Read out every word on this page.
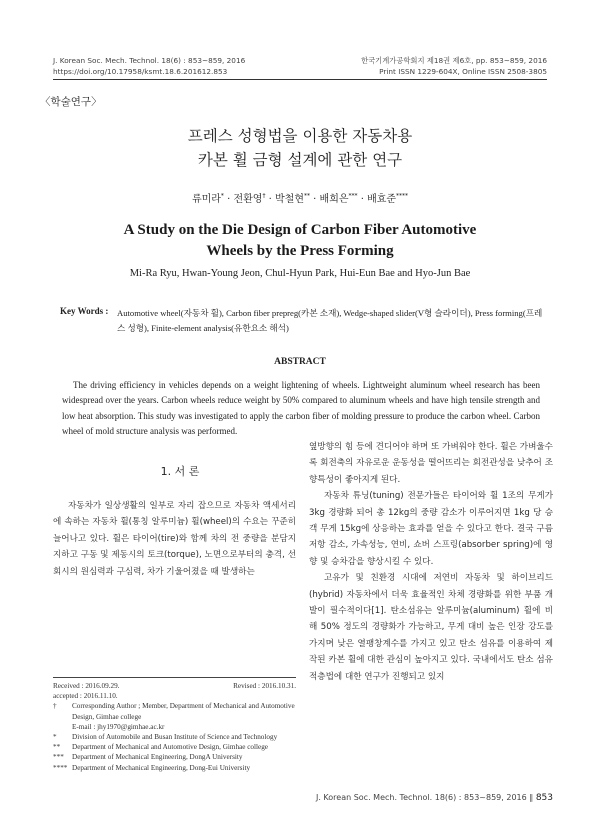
J. Korean Soc. Mech. Technol. 18(6) : 853~859, 2016
https://doi.org/10.17958/ksmt.18.6.201612.853
한국기계가공학회지 제18권 제6호, pp. 853~859, 2016
Print ISSN 1229-604X, Online ISSN 2508-3805
〈학술연구〉
프레스 성형법을 이용한 자동차용
카본 휠 금형 설계에 관한 연구
류미라* · 전환영† · 박철현** · 배희은*** · 배효준****
A Study on the Die Design of Carbon Fiber Automotive
Wheels by the Press Forming
Mi-Ra Ryu, Hwan-Young Jeon, Chul-Hyun Park, Hui-Eun Bae and Hyo-Jun Bae
Key Words : Automotive wheel(자동차 휠), Carbon fiber prepreg(카본 소재), Wedge-shaped slider(V형 슬라이더), Press forming(프레스 성형), Finite-element analysis(유한요소 해석)
ABSTRACT
The driving efficiency in vehicles depends on a weight lightening of wheels. Lightweight aluminum wheel research has been widespread over the years. Carbon wheels reduce weight by 50% compared to aluminum wheels and have high tensile strength and low heat absorption. This study was investigated to apply the carbon fiber of molding pressure to produce the carbon wheel. Carbon wheel of mold structure analysis was performed.
1. 서 론

자동차가 일상생활의 일부로 자리 잡으므로 자동차 액세서리에 속하는 자동차 휠(통칭 알루미늄) 휠(wheel)의 수요는 꾸준히 늘어나고 있다. 휠은 타이어(tire)와 함께 차의 전 중량을 분담지지하고 구동 및 제동시의 토크(torque), 노면으로부터의 충격, 선회시의 원심력과 구심력, 차가 기울어졌을 때 발생하는

Received : 2016.09.29.	Revised : 2016.10.31.
accepted : 2016.11.10.
†	Corresponding Author ; Member, Department of Mechanical and Automotive Design, Gimhae college
E-mail : jhy1970@gimhae.ac.kr
*	Division of Automobile and Busan Institute of Science and Technology
**	Department of Mechanical and Automotive Design, Gimhae college
***	Department of Mechanical Engineering, DongA University
**** Department of Mechanical Engineering, Dong-Eui University

옆방향의 힘 등에 견디어야 하며 또 가벼워야 한다. 휠은 가벼울수록 회전축의 자유로운 운동성을 떨어뜨리는 회전관성을 낮추어 조향특성이 좋아지게 된다.

자동차 튜닝(tuning) 전문가들은 타이어와 휠 1조의 무게가 3kg 경량화 되어 총 12kg의 중량 감소가 이루어지면 1kg 당 승객 무게 15kg에 상응하는 효과를 얻을 수 있다고 한다. 결국 구름저항 감소, 가속성능, 연비, 쇼버 스프링(absorber spring)에 영향 및 승차감을 향상시킬 수 있다.

고유가 및 친환경 시대에 저연비 자동차 및 하이브리드(hybrid) 자동차에서 더욱 효율적인 차체 경량화를 위한 부품 개발이 필수적이다[1]. 탄소섬유는 알루미늄(aluminum) 휠에 비해 50% 정도의 경량화가 가능하고, 무게 대비 높은 인장 강도를 가지며 낮은 열팽창계수를 가지고 있고 탄소 섬유를 이용하여 제작된 카본 휠에 대한 관심이 높아지고 있다. 국내에서도 탄소 섬유 적층법에 대한 연구가 진행되고 있지

J. Korean Soc. Mech. Technol. 18(6) : 853~859, 2016 ∥ 853
